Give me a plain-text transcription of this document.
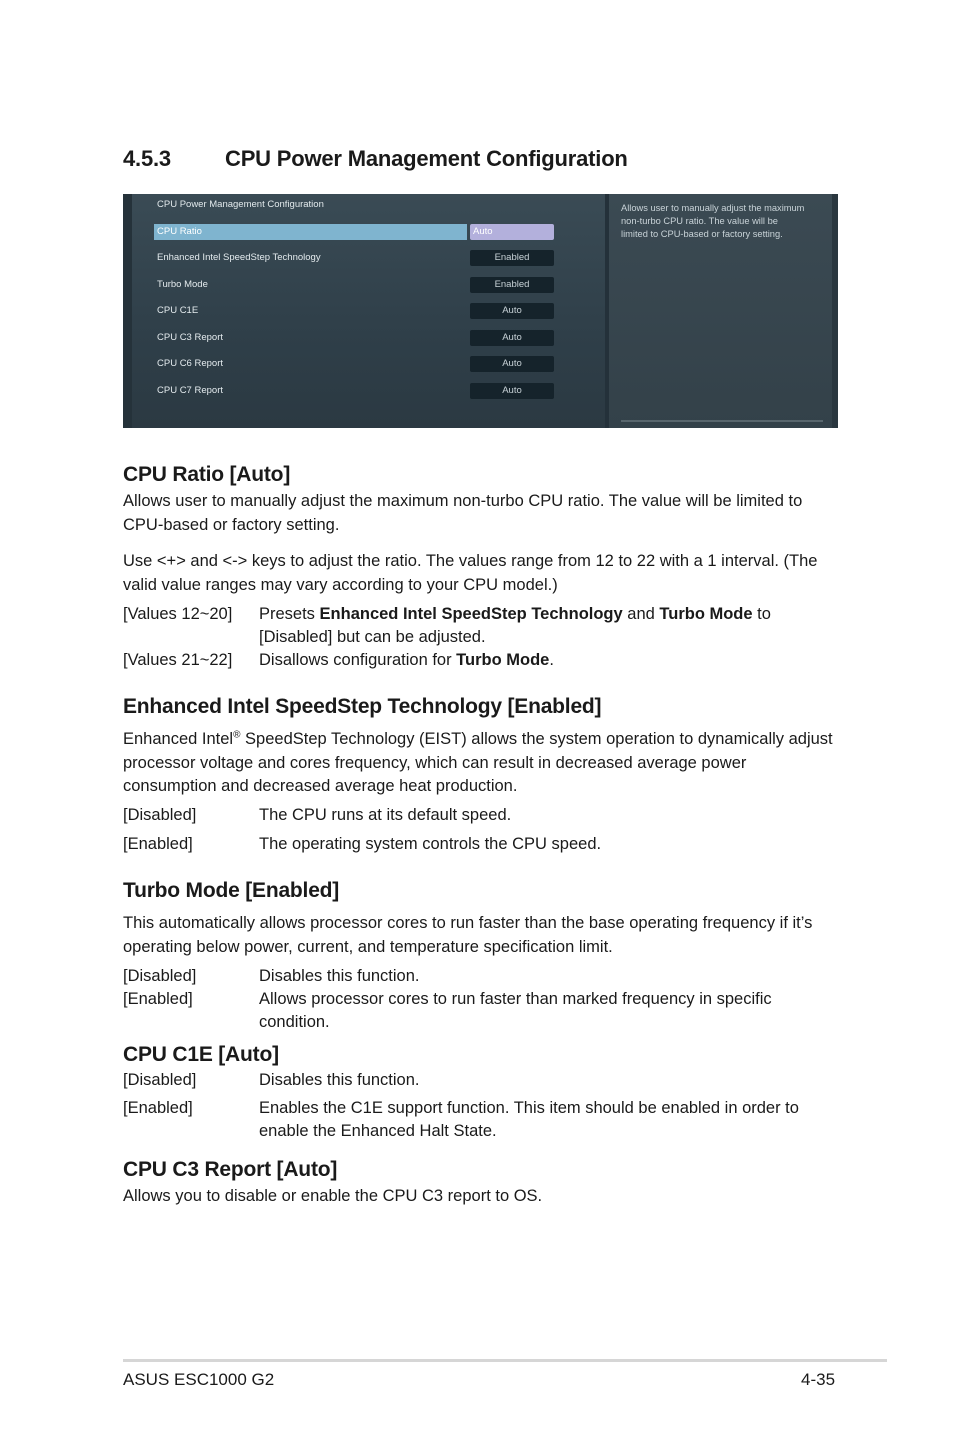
4.5.3 CPU Power Management Configuration
CPU Power Management Configuration
CPU Ratio	Auto
Enhanced Intel SpeedStep Technology	Enabled
Turbo Mode	Enabled
CPU C1E	Auto
CPU C3 Report	Auto
CPU C6 Report	Auto
CPU C7 Report	Auto
Allows user to manually adjust the maximum non-turbo CPU ratio. The value will be limited to CPU-based or factory setting.
CPU Ratio [Auto]
Allows user to manually adjust the maximum non-turbo CPU ratio. The value will be limited to CPU-based or factory setting.
Use <+> and <-> keys to adjust the ratio. The values range from 12 to 22 with a 1 interval. (The valid value ranges may vary according to your CPU model.)
[Values 12~20] Presets Enhanced Intel SpeedStep Technology and Turbo Mode to [Disabled] but can be adjusted.
[Values 21~22] Disallows configuration for Turbo Mode.
Enhanced Intel SpeedStep Technology [Enabled]
Enhanced Intel® SpeedStep Technology (EIST) allows the system operation to dynamically adjust processor voltage and cores frequency, which can result in decreased average power consumption and decreased average heat production.
[Disabled]	The CPU runs at its default speed.
[Enabled]	The operating system controls the CPU speed.
Turbo Mode [Enabled]
This automatically allows processor cores to run faster than the base operating frequency if it’s operating below power, current, and temperature specification limit.
[Disabled]	Disables this function.
[Enabled]	Allows processor cores to run faster than marked frequency in specific condition.
CPU C1E [Auto]
[Disabled]	Disables this function.
[Enabled]	Enables the C1E support function. This item should be enabled in order to enable the Enhanced Halt State.
CPU C3 Report [Auto]
Allows you to disable or enable the CPU C3 report to OS.
ASUS ESC1000 G2	4-35
